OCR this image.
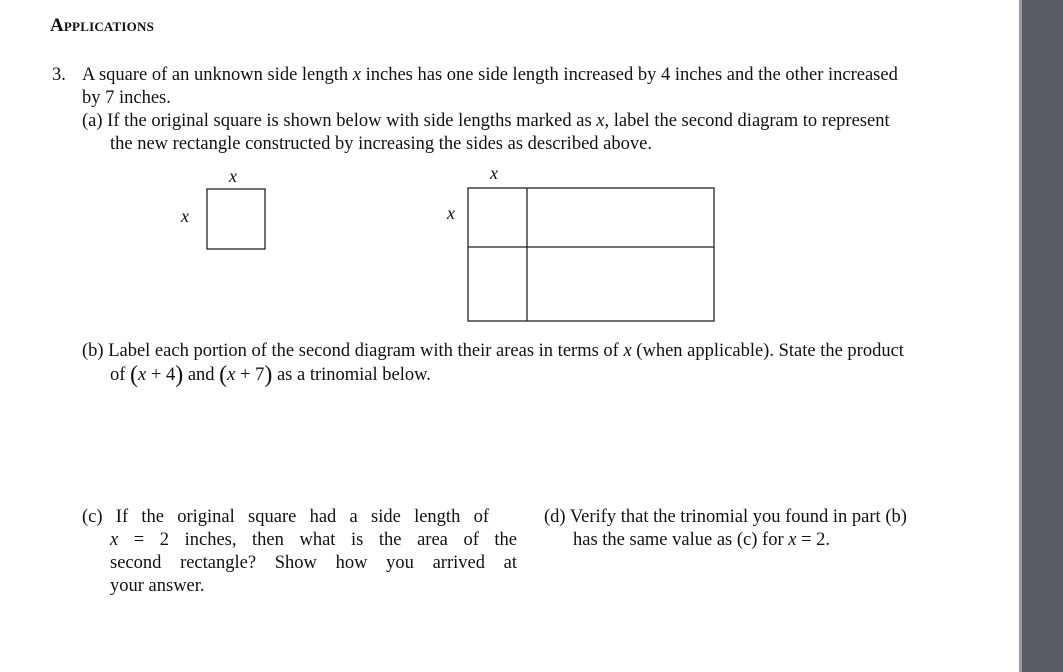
Applications
3. A square of an unknown side length x inches has one side length increased by 4 inches and the other increased
by 7 inches.
(a) If the original square is shown below with side lengths marked as x, label the second diagram to represent
the new rectangle constructed by increasing the sides as described above.
x
x
x
x
(b) Label each portion of the second diagram with their areas in terms of x (when applicable). State the product
of (x + 4) and (x + 7) as a trinomial below.
(c) If the original square had a side length of
x = 2 inches, then what is the area of the
second rectangle? Show how you arrived at
your answer.
(d) Verify that the trinomial you found in part (b)
has the same value as (c) for x = 2.
